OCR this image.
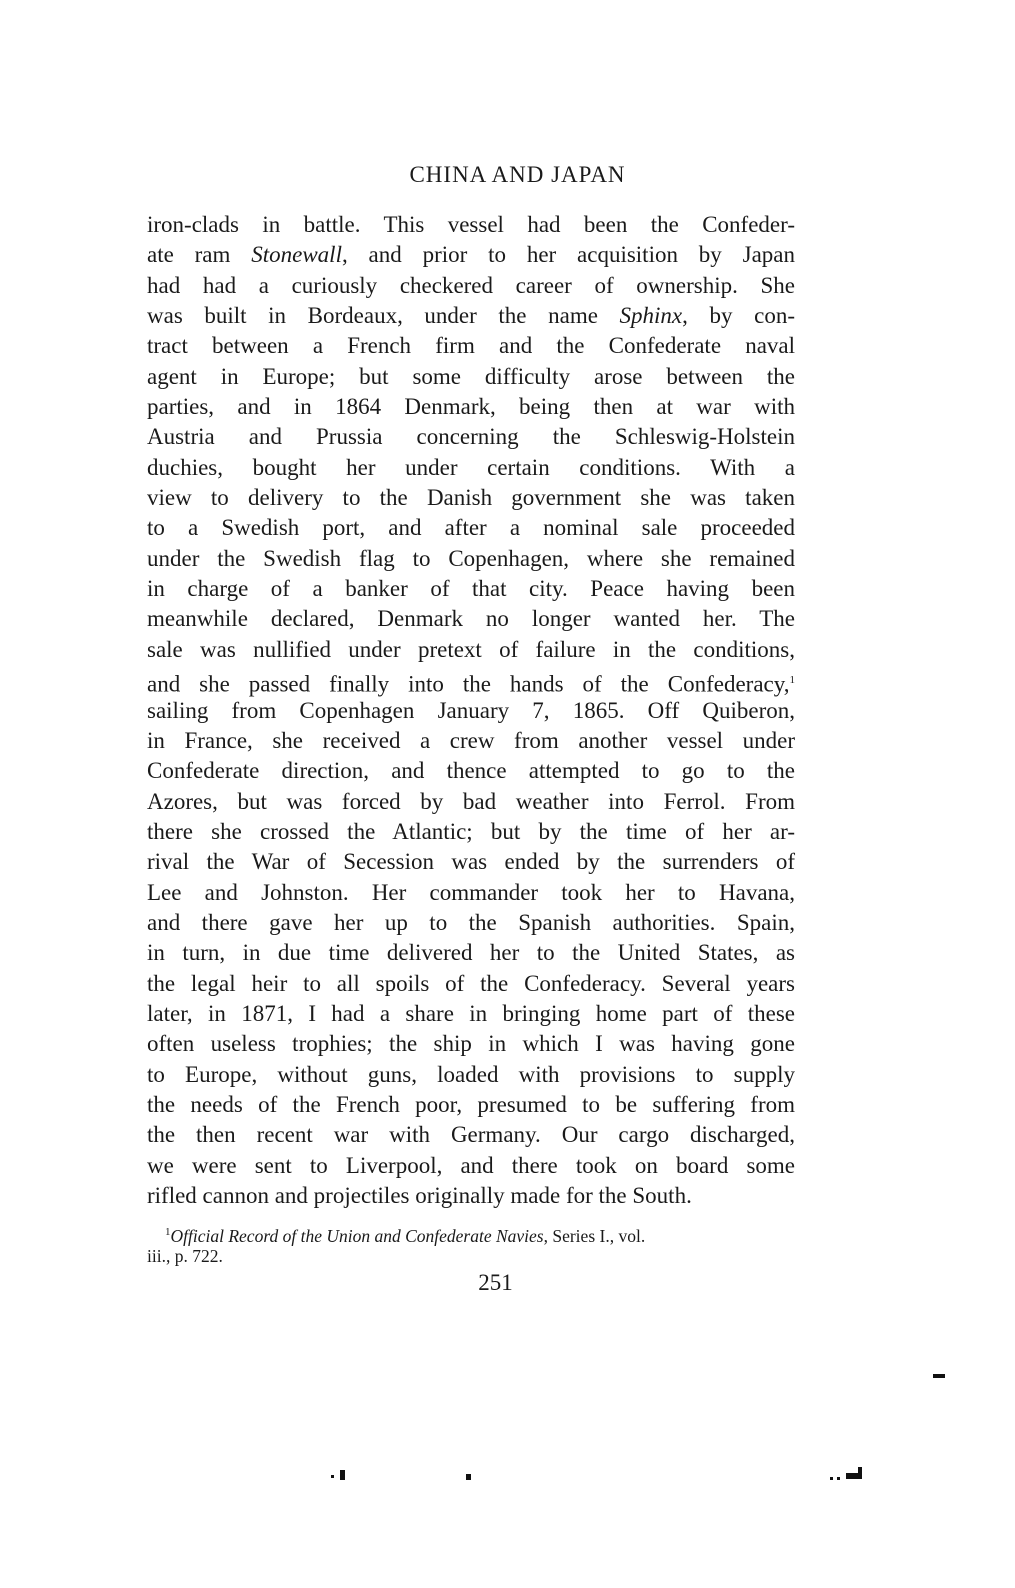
CHINA AND JAPAN
iron-clads in battle. This vessel had been the Confeder-
ate ram Stonewall, and prior to her acquisition by Japan
had had a curiously checkered career of ownership. She
was built in Bordeaux, under the name Sphinx, by con-
tract between a French firm and the Confederate naval
agent in Europe; but some difficulty arose between the
parties, and in 1864 Denmark, being then at war with
Austria and Prussia concerning the Schleswig-Holstein
duchies, bought her under certain conditions. With a
view to delivery to the Danish government she was taken
to a Swedish port, and after a nominal sale proceeded
under the Swedish flag to Copenhagen, where she remained
in charge of a banker of that city. Peace having been
meanwhile declared, Denmark no longer wanted her. The
sale was nullified under pretext of failure in the conditions,
and she passed finally into the hands of the Confederacy,$^1$
sailing from Copenhagen January 7, 1865. Off Quiberon,
in France, she received a crew from another vessel under
Confederate direction, and thence attempted to go to the
Azores, but was forced by bad weather into Ferrol. From
there she crossed the Atlantic; but by the time of her ar-
rival the War of Secession was ended by the surrenders of
Lee and Johnston. Her commander took her to Havana,
and there gave her up to the Spanish authorities. Spain,
in turn, in due time delivered her to the United States, as
the legal heir to all spoils of the Confederacy. Several years
later, in 1871, I had a share in bringing home part of these
often useless trophies; the ship in which I was having gone
to Europe, without guns, loaded with provisions to supply
the needs of the French poor, presumed to be suffering from
the then recent war with Germany. Our cargo discharged,
we were sent to Liverpool, and there took on board some
rifled cannon and projectiles originally made for the South.
$^1$Official Record of the Union and Confederate Navies, Series I., vol.
iii., p. 722.
251
